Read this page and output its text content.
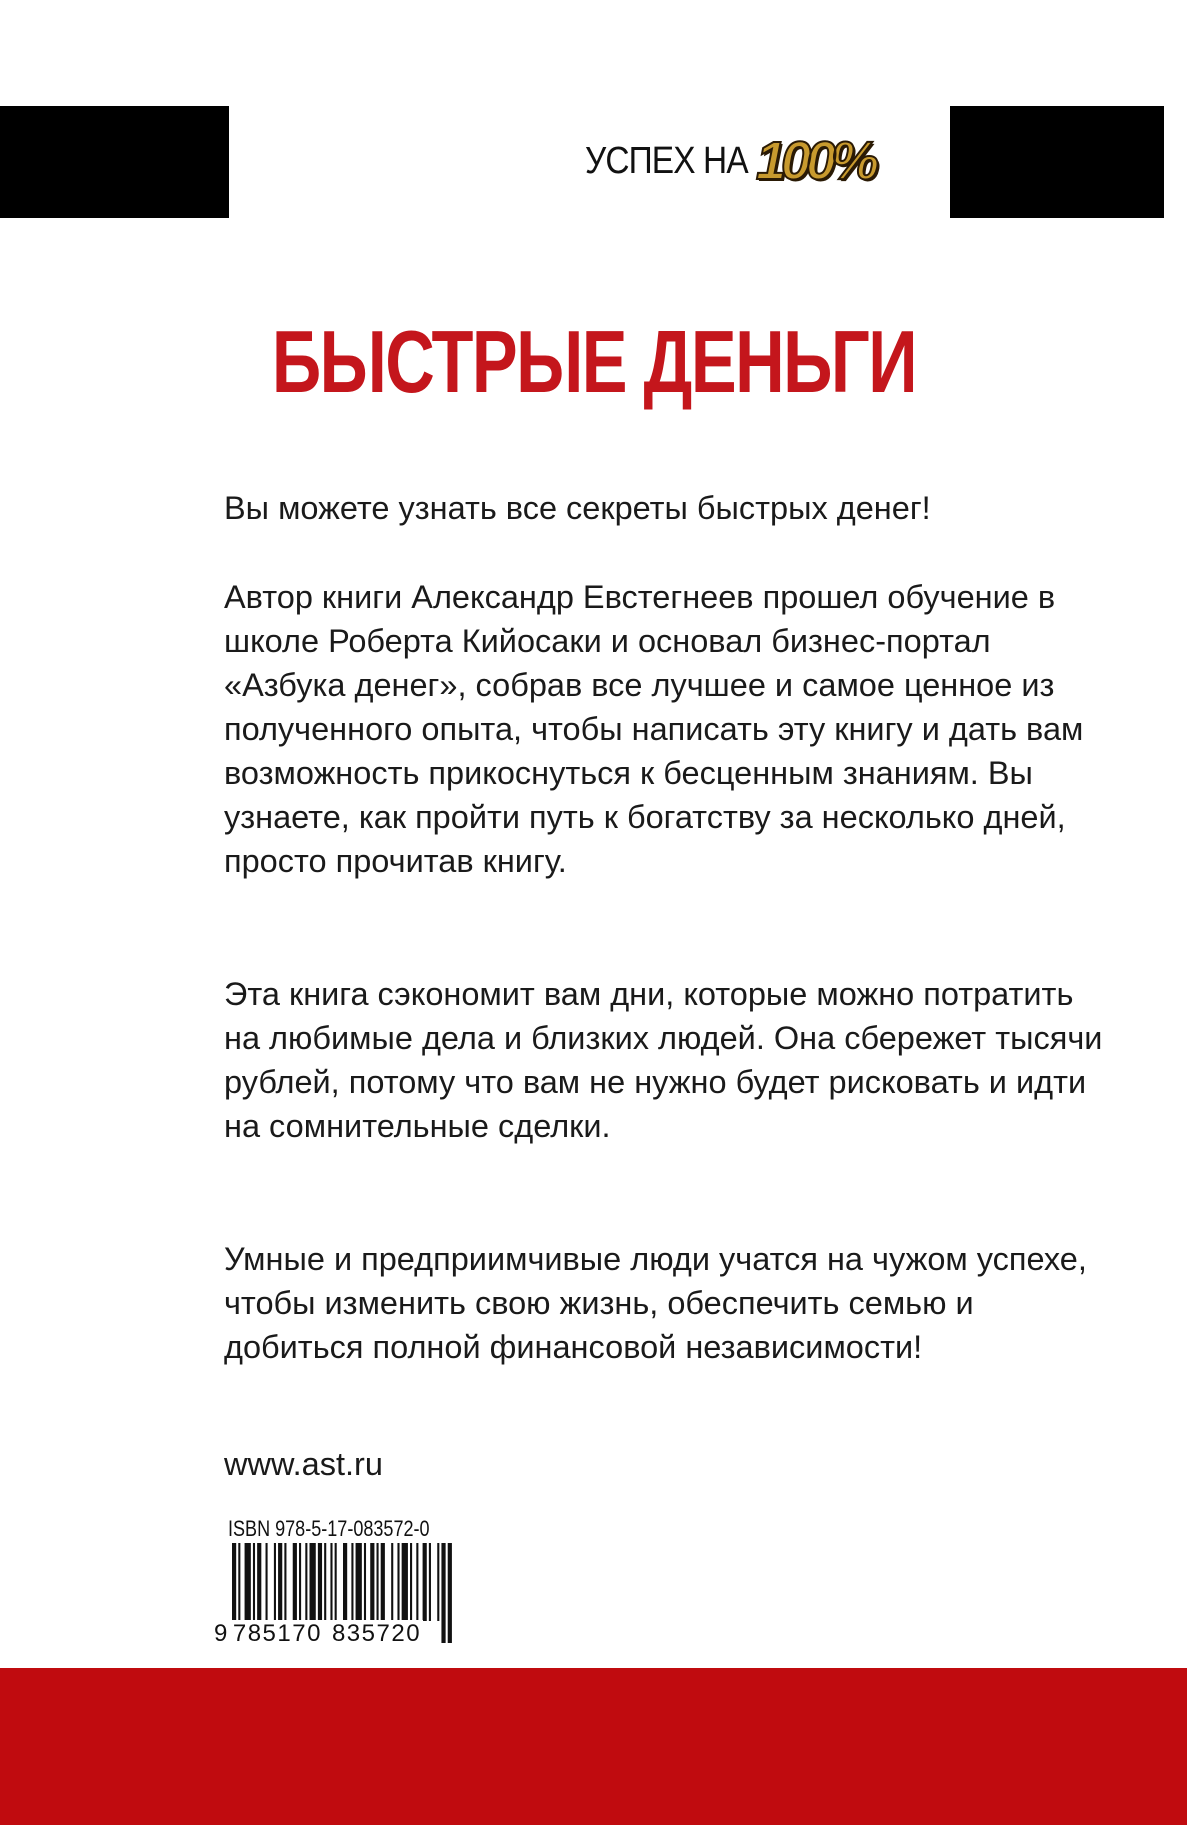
УСПЕХ НА 100%
БЫСТРЫЕ ДЕНЬГИ

Вы можете узнать все секреты быстрых денег!

Автор книги Александр Евстегнеев прошел обучение в школе Роберта Кийосаки и основал бизнес-портал «Азбука денег», собрав все лучшее и самое ценное из полученного опыта, чтобы написать эту книгу и дать вам возможность прикоснуться к бесценным знаниям. Вы узнаете, как пройти путь к богатству за несколько дней, просто прочитав книгу.

Эта книга сэкономит вам дни, которые можно потратить на любимые дела и близких людей. Она сбережет тысячи рублей, потому что вам не нужно будет рисковать и идти на сомнительные сделки.

Умные и предприимчивые люди учатся на чужом успехе, чтобы изменить свою жизнь, обеспечить семью и добиться полной финансовой независимости!

www.ast.ru
ISBN 978-5-17-083572-0
9 785170 835720
